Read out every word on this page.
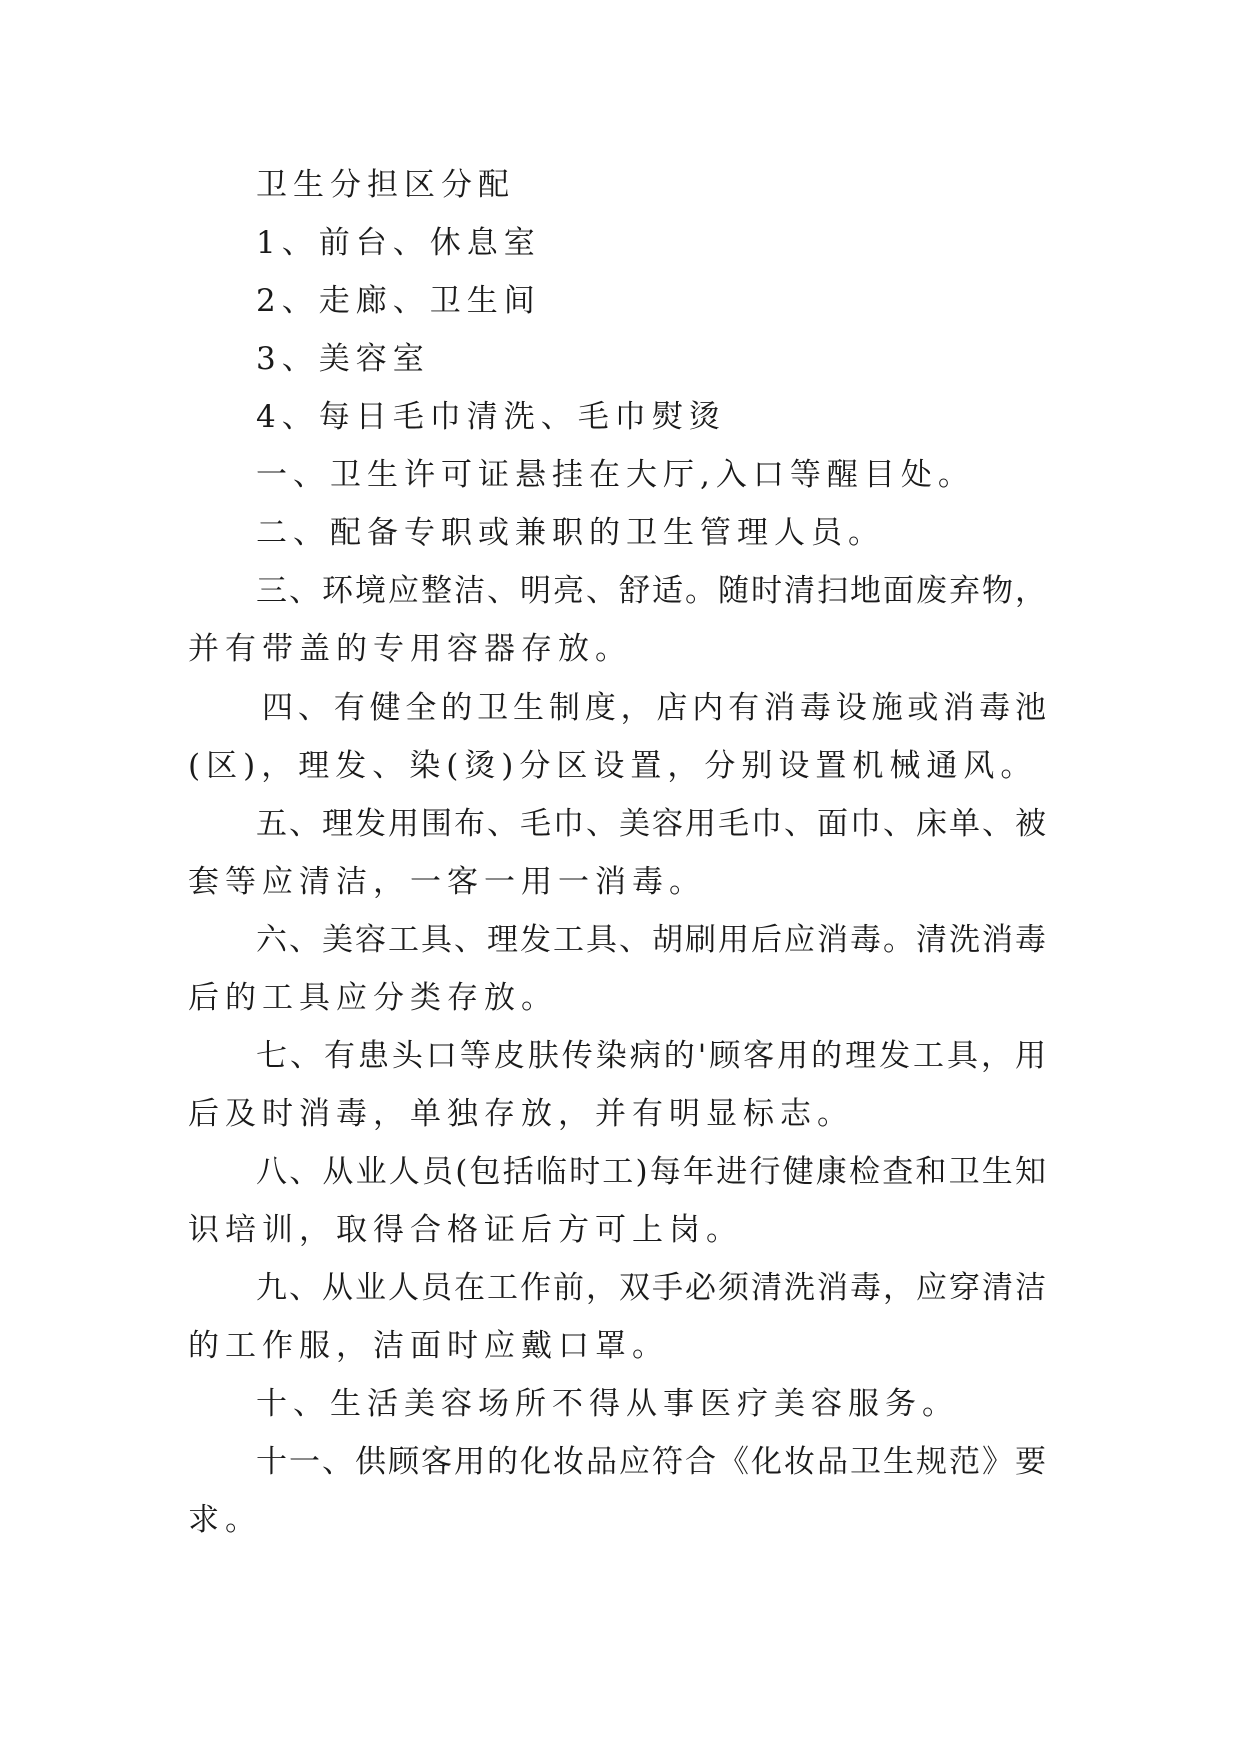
卫生分担区分配
1、前台、休息室
2、走廊、卫生间
3、美容室
4、每日毛巾清洗、毛巾熨烫
一、卫生许可证悬挂在大厅,入口等醒目处。
二、配备专职或兼职的卫生管理人员。
三、环境应整洁、明亮、舒适。随时清扫地面废弃物，
并有带盖的专用容器存放。
四、有健全的卫生制度，店内有消毒设施或消毒池
(区)，理发、染(烫)分区设置，分别设置机械通风。
五、理发用围布、毛巾、美容用毛巾、面巾、床单、被
套等应清洁，一客一用一消毒。
六、美容工具、理发工具、胡刷用后应消毒。清洗消毒
后的工具应分类存放。
七、有患头口等皮肤传染病的'顾客用的理发工具，用
后及时消毒，单独存放，并有明显标志。
八、从业人员(包括临时工)每年进行健康检查和卫生知
识培训，取得合格证后方可上岗。
九、从业人员在工作前，双手必须清洗消毒，应穿清洁
的工作服，洁面时应戴口罩。
十、生活美容场所不得从事医疗美容服务。
十一、供顾客用的化妆品应符合《化妆品卫生规范》要
求。
